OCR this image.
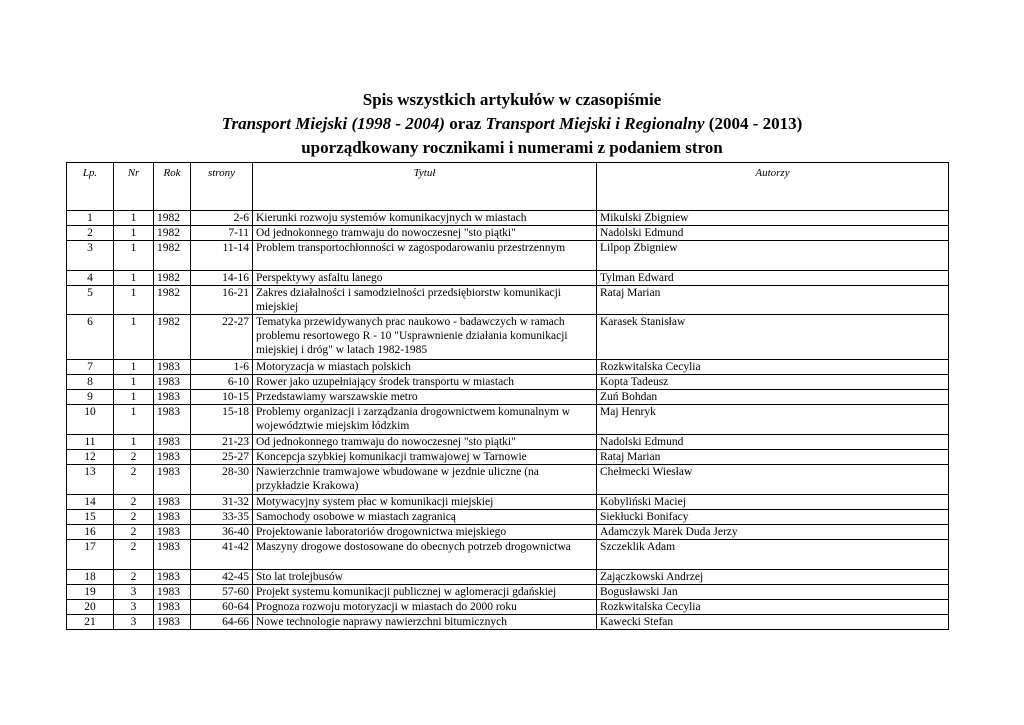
Spis wszystkich artykułów w czasopiśmie
Transport Miejski (1998 - 2004) oraz Transport Miejski i Regionalny (2004 - 2013)
uporządkowany rocznikami i numerami z podaniem stron
Lp.	Nr	Rok	strony	Tytuł	Autorzy
1	1	1982	2-6	Kierunki rozwoju systemów komunikacyjnych w miastach	Mikulski Zbigniew
2	1	1982	7-11	Od jednokonnego tramwaju do nowoczesnej "sto piątki"	Nadolski Edmund
3	1	1982	11-14	Problem transportochłonności w zagospodarowaniu przestrzennym	Lilpop Zbigniew
4	1	1982	14-16	Perspektywy asfaltu lanego	Tylman Edward
5	1	1982	16-21	Zakres działalności i samodzielności przedsiębiorstw komunikacji miejskiej	Rataj Marian
6	1	1982	22-27	Tematyka przewidywanych prac naukowo - badawczych w ramach problemu resortowego R - 10 "Usprawnienie działania komunikacji miejskiej i dróg" w latach 1982-1985	Karasek Stanisław
7	1	1983	1-6	Motoryzacja w miastach polskich	Rozkwitalska Cecylia
8	1	1983	6-10	Rower jako uzupełniający środek transportu w miastach	Kopta Tadeusz
9	1	1983	10-15	Przedstawiamy warszawskie metro	Zuń Bohdan
10	1	1983	15-18	Problemy organizacji i zarządzania drogownictwem komunalnym w województwie miejskim łódzkim	Maj Henryk
11	1	1983	21-23	Od jednokonnego tramwaju do nowoczesnej "sto piątki"	Nadolski Edmund
12	2	1983	25-27	Koncepcja szybkiej komunikacji tramwajowej w Tarnowie	Rataj Marian
13	2	1983	28-30	Nawierzchnie tramwajowe wbudowane w jezdnie uliczne (na przykładzie Krakowa)	Chełmecki Wiesław
14	2	1983	31-32	Motywacyjny system płac w komunikacji miejskiej	Kobyliński Maciej
15	2	1983	33-35	Samochody osobowe w miastach zagranicą	Siekłucki Bonifacy
16	2	1983	36-40	Projektowanie laboratoriów drogownictwa miejskiego	Adamczyk Marek Duda Jerzy
17	2	1983	41-42	Maszyny drogowe dostosowane do obecnych potrzeb drogownictwa	Szczeklik Adam
18	2	1983	42-45	Sto lat trolejbusów	Zajączkowski Andrzej
19	3	1983	57-60	Projekt systemu komunikacji publicznej w aglomeracji gdańskiej	Bogusławski Jan
20	3	1983	60-64	Prognoza rozwoju motoryzacji w miastach do 2000 roku	Rozkwitalska Cecylia
21	3	1983	64-66	Nowe technologie naprawy nawierzchni bitumicznych	Kawecki Stefan
